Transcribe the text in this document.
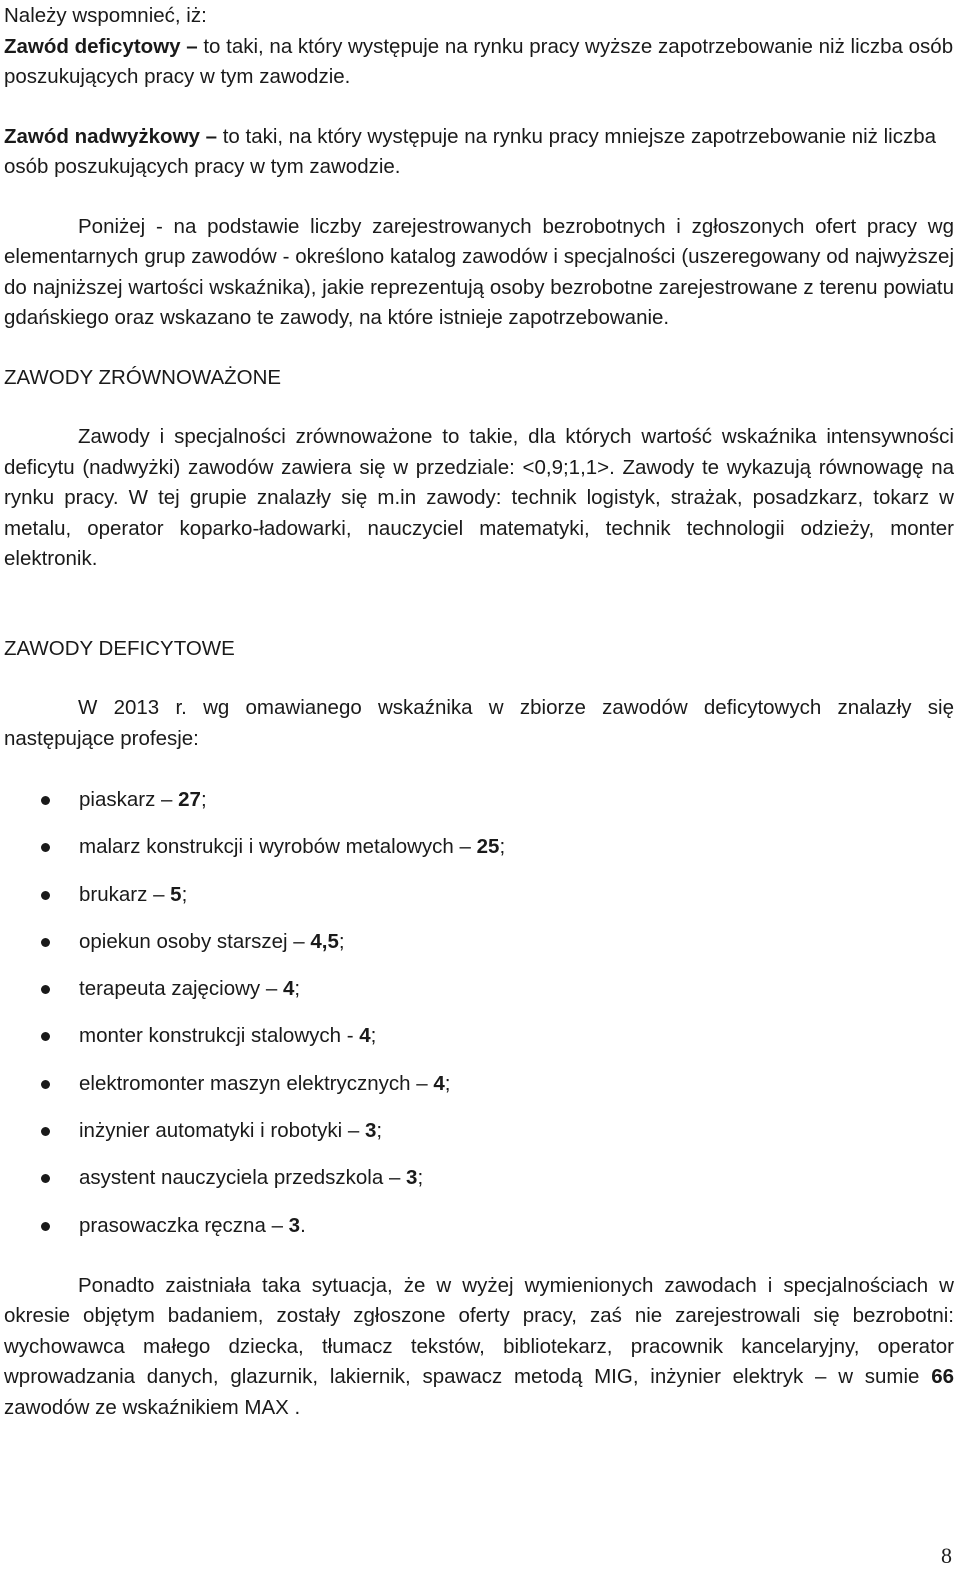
Należy wspomnieć, iż:

Zawód deficytowy – to taki, na który występuje na rynku pracy wyższe zapotrzebowanie niż liczba osób poszukujących pracy w tym zawodzie.

Zawód nadwyżkowy – to taki, na który występuje na rynku pracy mniejsze zapotrzebowanie niż liczba osób poszukujących pracy w tym zawodzie.

Poniżej - na podstawie liczby zarejestrowanych bezrobotnych i zgłoszonych ofert pracy wg elementarnych grup zawodów - określono katalog zawodów i specjalności (uszeregowany od najwyższej do najniższej wartości wskaźnika), jakie reprezentują osoby bezrobotne zarejestrowane z terenu powiatu gdańskiego oraz wskazano te zawody, na które istnieje zapotrzebowanie.

ZAWODY ZRÓWNOWAŻONE

Zawody i specjalności zrównoważone to takie, dla których wartość wskaźnika intensywności deficytu (nadwyżki) zawodów zawiera się w przedziale: <0,9;1,1>. Zawody te wykazują równowagę na rynku pracy. W tej grupie znalazły się m.in zawody: technik logistyk, strażak, posadzkarz, tokarz w metalu, operator koparko-ładowarki, nauczyciel matematyki, technik technologii odzieży, monter elektronik.

ZAWODY DEFICYTOWE

W 2013 r. wg omawianego wskaźnika w zbiorze zawodów deficytowych znalazły się następujące profesje:

piaskarz – 27;
malarz konstrukcji i wyrobów metalowych – 25;
brukarz – 5;
opiekun osoby starszej – 4,5;
terapeuta zajęciowy – 4;
monter konstrukcji stalowych - 4;
elektromonter maszyn elektrycznych – 4;
inżynier automatyki i robotyki – 3;
asystent nauczyciela przedszkola – 3;
prasowaczka ręczna – 3.

Ponadto zaistniała taka sytuacja, że w wyżej wymienionych zawodach i specjalnościach w okresie objętym badaniem, zostały zgłoszone oferty pracy, zaś nie zarejestrowali się bezrobotni: wychowawca małego dziecka, tłumacz tekstów, bibliotekarz, pracownik kancelaryjny, operator wprowadzania danych, glazurnik, lakiernik, spawacz metodą MIG, inżynier elektryk – w sumie 66 zawodów ze wskaźnikiem MAX .

8
